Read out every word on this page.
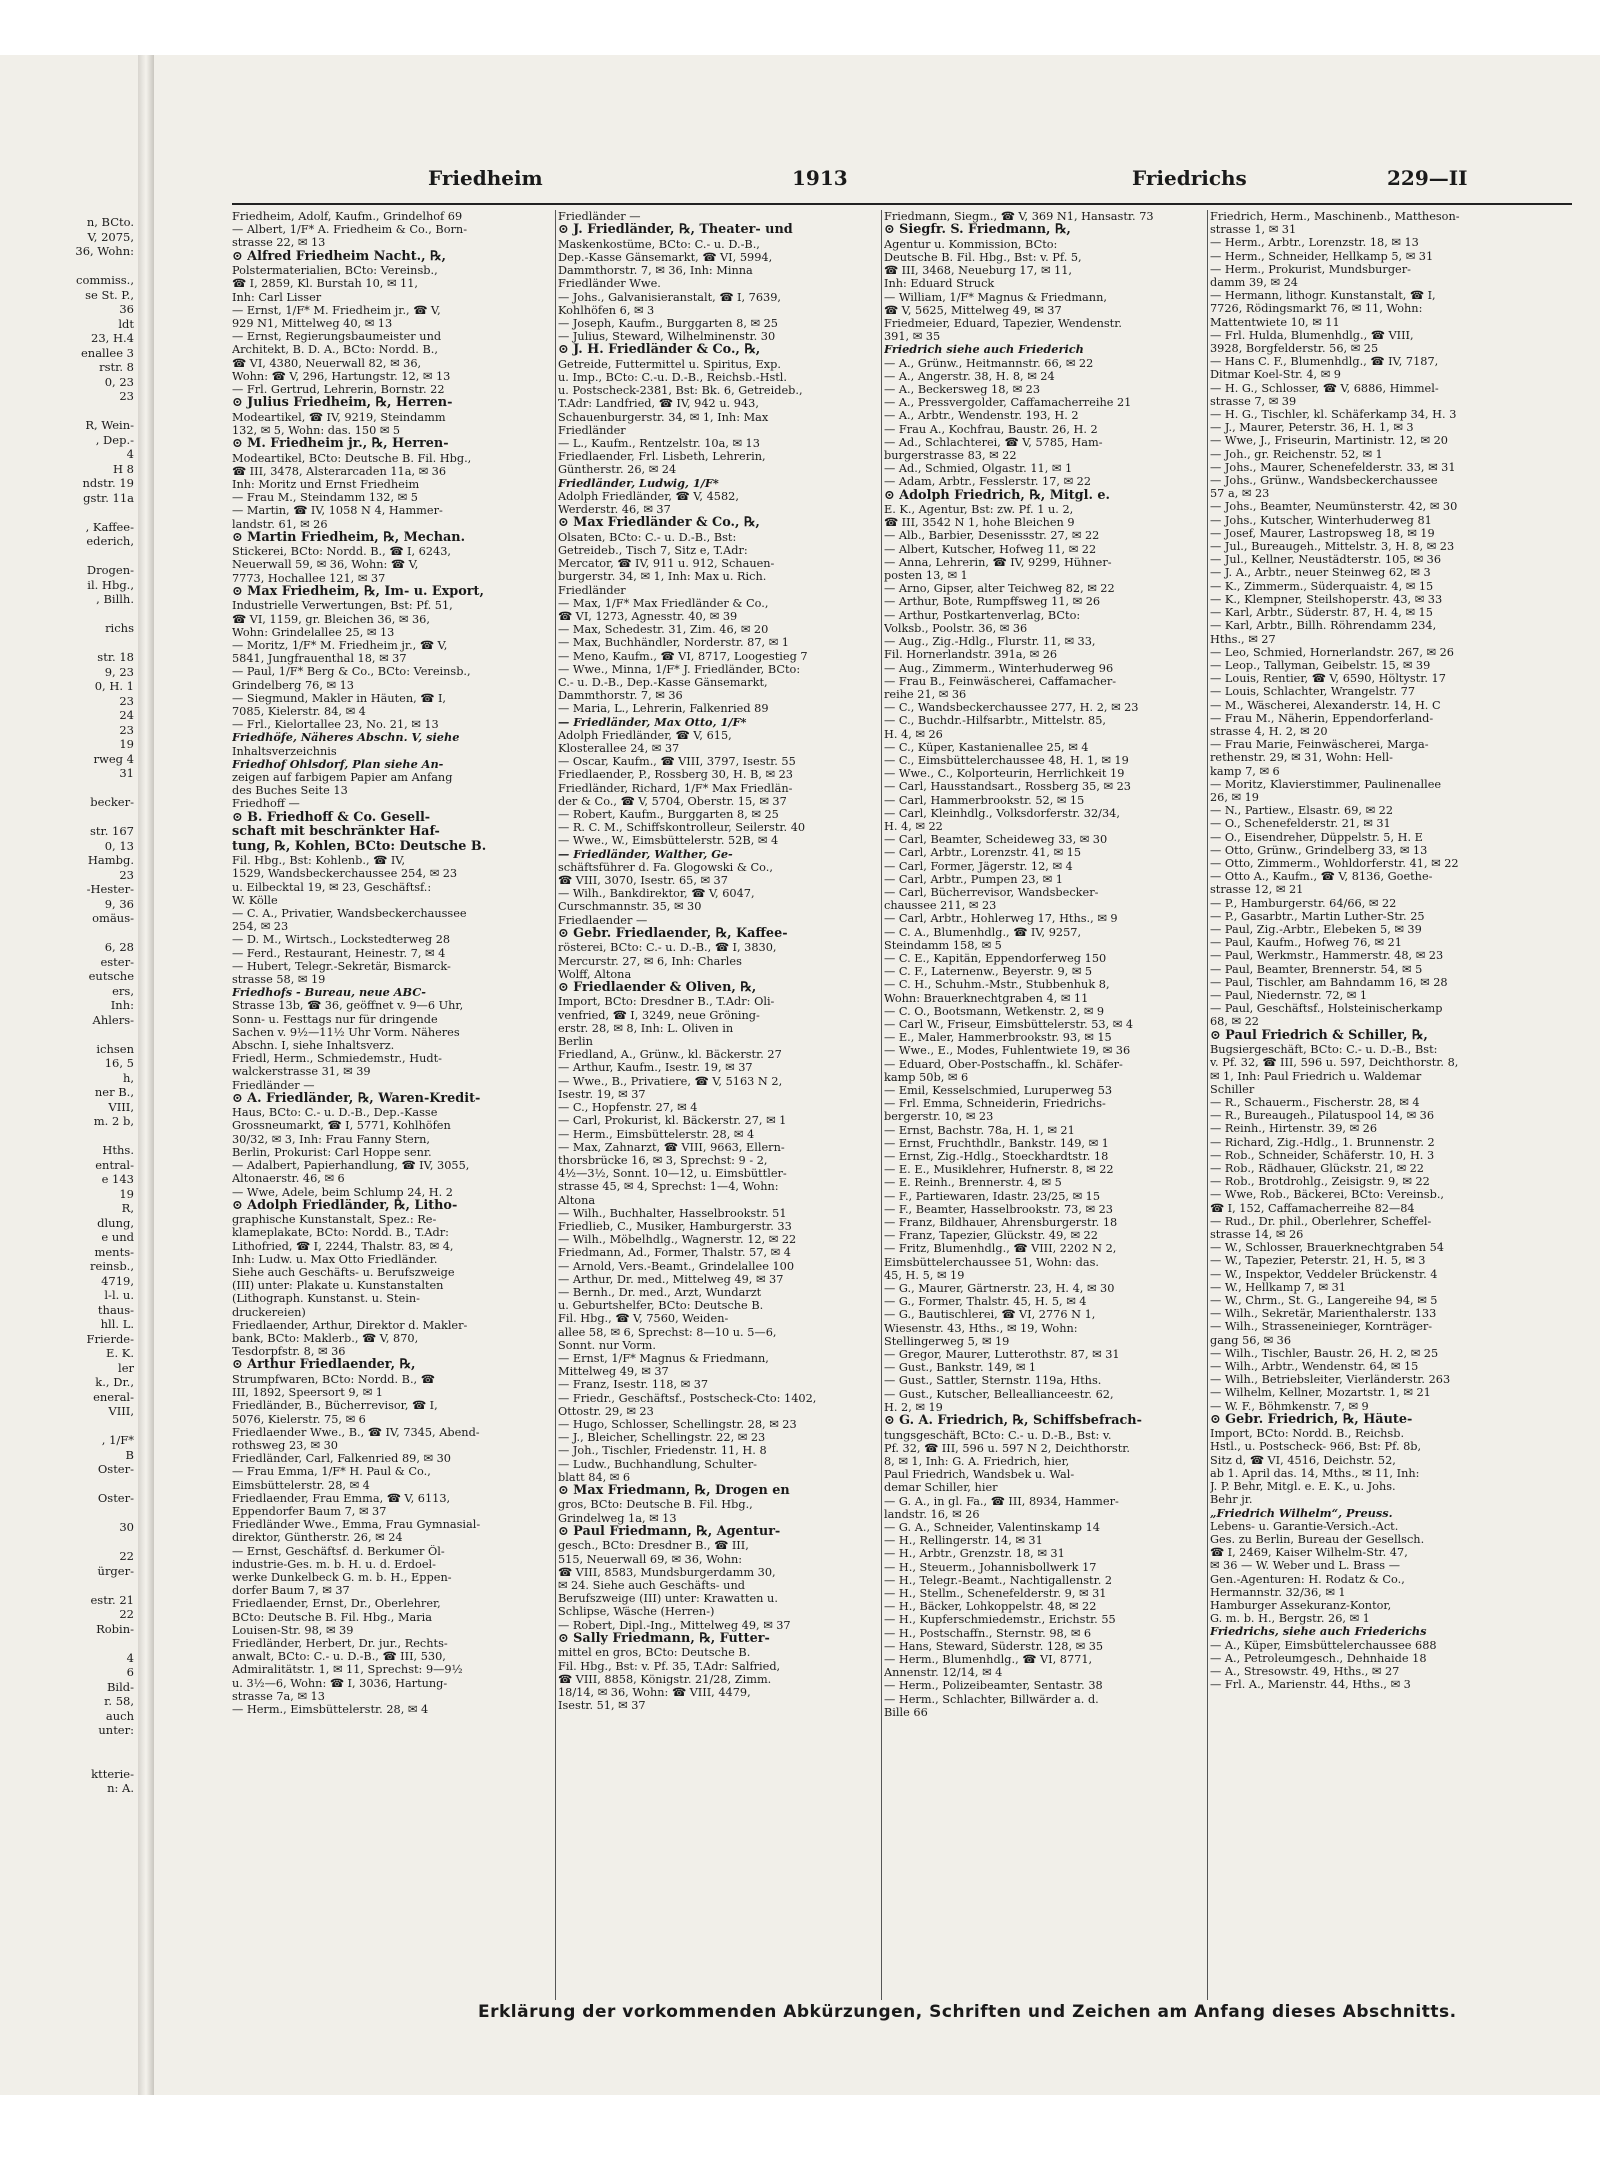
n, BCto.
V, 2075,
36, Wohn:

commiss.,
se St. P.,
36
ldt
23, H.4
enallee 3
rstr. 8
0, 23
23

R, Wein-
, Dep.-
4
H 8
ndstr. 19
gstr. 11a

, Kaffee-
ederich,

Drogen-
il. Hbg.,
, Billh.

richs

str. 18
9, 23
0, H. 1
23
24
23
19
rweg 4
31

becker-

str. 167
0, 13
Hambg.
23
-Hester-
9, 36
omäus-

6, 28
ester-
eutsche
ers,
Inh:
Ahlers-

ichsen
16, 5
h,
ner B.,
VIII,
m. 2 b,

Hths.
entral-
e 143
19
R,
dlung,
e und
ments-
reinsb.,
4719,
l-l. u.
thaus-
hll. L.
Frierde-
E. K.
ler
k., Dr.,
eneral-
VIII,

, 1/F*
B
Oster-

Oster-

30

22
ürger-

estr. 21
22
Robin-

4
6
Bild-
r. 58,
auch
unter:

ktterie-
n: A.
Friedheim	1913	Friedrichs	229—II
Friedheim, Adolf, Kaufm., Grindelhof 69
— Albert, 1/F* A. Friedheim & Co., Born-
strasse 22, ✉ 13
⊙ Alfred Friedheim Nacht., ℞,
Polstermaterialien, BCto: Vereinsb.,
☎ I, 2859, Kl. Burstah 10, ✉ 11,
Inh: Carl Lisser
— Ernst, 1/F* M. Friedheim jr., ☎ V,
929 N1, Mittelweg 40, ✉ 13
— Ernst, Regierungsbaumeister und
Architekt, B. D. A., BCto: Nordd. B.,
☎ VI, 4380, Neuerwall 82, ✉ 36,
Wohn: ☎ V, 296, Hartungstr. 12, ✉ 13
— Frl. Gertrud, Lehrerin, Bornstr. 22
⊙ Julius Friedheim, ℞, Herren-
Modeartikel, ☎ IV, 9219, Steindamm
132, ✉ 5, Wohn: das. 150 ✉ 5
⊙ M. Friedheim jr., ℞, Herren-
Modeartikel, BCto: Deutsche B. Fil. Hbg.,
☎ III, 3478, Alsterarcaden 11a, ✉ 36
Inh: Moritz und Ernst Friedheim
— Frau M., Steindamm 132, ✉ 5
— Martin, ☎ IV, 1058 N 4, Hammer-
landstr. 61, ✉ 26
⊙ Martin Friedheim, ℞, Mechan.
Stickerei, BCto: Nordd. B., ☎ I, 6243,
Neuerwall 59, ✉ 36, Wohn: ☎ V,
7773, Hochallee 121, ✉ 37
⊙ Max Friedheim, ℞, Im- u. Export,
Industrielle Verwertungen, Bst: Pf. 51,
☎ VI, 1159, gr. Bleichen 36, ✉ 36,
Wohn: Grindelallee 25, ✉ 13
— Moritz, 1/F* M. Friedheim jr., ☎ V,
5841, Jungfrauenthal 18, ✉ 37
— Paul, 1/F* Berg & Co., BCto: Vereinsb.,
Grindelberg 76, ✉ 13
— Siegmund, Makler in Häuten, ☎ I,
7085, Kielerstr. 84, ✉ 4
— Frl., Kielortallee 23, No. 21, ✉ 13
Friedhöfe, Näheres Abschn. V, siehe
Inhaltsverzeichnis
Friedhof Ohlsdorf, Plan siehe An-
zeigen auf farbigem Papier am Anfang
des Buches Seite 13
Friedhoff —
⊙ B. Friedhoff & Co. Gesell-
schaft mit beschränkter Haf-
tung, ℞, Kohlen, BCto: Deutsche B.
Fil. Hbg., Bst: Kohlenb., ☎ IV,
1529, Wandsbeckerchaussee 254, ✉ 23
u. Eilbecktal 19, ✉ 23, Geschäftsf.:
W. Kölle
— C. A., Privatier, Wandsbeckerchaussee
254, ✉ 23
— D. M., Wirtsch., Lockstedterweg 28
— Ferd., Restaurant, Heinestr. 7, ✉ 4
— Hubert, Telegr.-Sekretär, Bismarck-
strasse 58, ✉ 19
Friedhofs - Bureau, neue ABC-
Strasse 13b, ☎ 36, geöffnet v. 9—6 Uhr,
Sonn- u. Festtags nur für dringende
Sachen v. 9½—11½ Uhr Vorm. Näheres
Abschn. I, siehe Inhaltsverz.
Friedl, Herm., Schmiedemstr., Hudt-
walckerstrasse 31, ✉ 39
Friedländer —
⊙ A. Friedländer, ℞, Waren-Kredit-
Haus, BCto: C.- u. D.-B., Dep.-Kasse
Grossneumarkt, ☎ I, 5771, Kohlhöfen
30/32, ✉ 3, Inh: Frau Fanny Stern,
Berlin, Prokurist: Carl Hoppe senr.
— Adalbert, Papierhandlung, ☎ IV, 3055,
Altonaerstr. 46, ✉ 6
— Wwe, Adele, beim Schlump 24, H. 2
⊙ Adolph Friedländer, ℞, Litho-
graphische Kunstanstalt, Spez.: Re-
klameplakate, BCto: Nordd. B., T.Adr:
Lithofried, ☎ I, 2244, Thalstr. 83, ✉ 4,
Inh: Ludw. u. Max Otto Friedländer.
Siehe auch Geschäfts- u. Berufszweige
(III) unter: Plakate u. Kunstanstalten
(Lithograph. Kunstanst. u. Stein-
druckereien)
Friedlaender, Arthur, Direktor d. Makler-
bank, BCto: Maklerb., ☎ V, 870,
Tesdorpfstr. 8, ✉ 36
⊙ Arthur Friedlaender, ℞,
Strumpfwaren, BCto: Nordd. B., ☎
III, 1892, Speersort 9, ✉ 1
Friedländer, B., Bücherrevisor, ☎ I,
5076, Kielerstr. 75, ✉ 6
Friedlaender Wwe., B., ☎ IV, 7345, Abend-
rothsweg 23, ✉ 30
Friedländer, Carl, Falkenried 89, ✉ 30
— Frau Emma, 1/F* H. Paul & Co.,
Eimsbüttelerstr. 28, ✉ 4
Friedlaender, Frau Emma, ☎ V, 6113,
Eppendorfer Baum 7, ✉ 37
Friedländer Wwe., Emma, Frau Gymnasial-
direktor, Güntherstr. 26, ✉ 24
— Ernst, Geschäftsf. d. Berkumer Öl-
industrie-Ges. m. b. H. u. d. Erdoel-
werke Dunkelbeck G. m. b. H., Eppen-
dorfer Baum 7, ✉ 37
Friedlaender, Ernst, Dr., Oberlehrer,
BCto: Deutsche B. Fil. Hbg., Maria
Louisen-Str. 98, ✉ 39
Friedländer, Herbert, Dr. jur., Rechts-
anwalt, BCto: C.- u. D.-B., ☎ III, 530,
Admiralitätstr. 1, ✉ 11, Sprechst: 9—9½
u. 3½—6, Wohn: ☎ I, 3036, Hartung-
strasse 7a, ✉ 13
— Herm., Eimsbüttelerstr. 28, ✉ 4
Friedländer —
⊙ J. Friedländer, ℞, Theater- und
Maskenkostüme, BCto: C.- u. D.-B.,
Dep.-Kasse Gänsemarkt, ☎ VI, 5994,
Dammthorstr. 7, ✉ 36, Inh: Minna
Friedländer Wwe.
— Johs., Galvanisieranstalt, ☎ I, 7639,
Kohlhöfen 6, ✉ 3
— Joseph, Kaufm., Burggarten 8, ✉ 25
— Julius, Steward, Wilhelminenstr. 30
⊙ J. H. Friedländer & Co., ℞,
Getreide, Futtermittel u. Spiritus, Exp.
u. Imp., BCto: C.-u. D.-B., Reichsb.-Hstl.
u. Postscheck-2381, Bst: Bk. 6, Getreideb.,
T.Adr: Landfried, ☎ IV, 942 u. 943,
Schauenburgerstr. 34, ✉ 1, Inh: Max
Friedländer
— L., Kaufm., Rentzelstr. 10a, ✉ 13
Friedlaender, Frl. Lisbeth, Lehrerin,
Güntherstr. 26, ✉ 24
Friedländer, Ludwig, 1/F*
Adolph Friedländer, ☎ V, 4582,
Werderstr. 46, ✉ 37
⊙ Max Friedländer & Co., ℞,
Olsaten, BCto: C.- u. D.-B., Bst:
Getreideb., Tisch 7, Sitz e, T.Adr:
Mercator, ☎ IV, 911 u. 912, Schauen-
burgerstr. 34, ✉ 1, Inh: Max u. Rich.
Friedländer
— Max, 1/F* Max Friedländer & Co.,
☎ VI, 1273, Agnesstr. 40, ✉ 39
— Max, Schedestr. 31, Zim. 46, ✉ 20
— Max, Buchhändler, Norderstr. 87, ✉ 1
— Meno, Kaufm., ☎ VI, 8717, Loogestieg 7
— Wwe., Minna, 1/F* J. Friedländer, BCto:
C.- u. D.-B., Dep.-Kasse Gänsemarkt,
Dammthorstr. 7, ✉ 36
— Maria, L., Lehrerin, Falkenried 89
— Friedländer, Max Otto, 1/F*
Adolph Friedländer, ☎ V, 615,
Klosterallee 24, ✉ 37
— Oscar, Kaufm., ☎ VIII, 3797, Isestr. 55
Friedlaender, P., Rossberg 30, H. B, ✉ 23
Friedländer, Richard, 1/F* Max Friedlän-
der & Co., ☎ V, 5704, Oberstr. 15, ✉ 37
— Robert, Kaufm., Burggarten 8, ✉ 25
— R. C. M., Schiffskontrolleur, Seilerstr. 40
— Wwe., W., Eimsbüttelerstr. 52B, ✉ 4
— Friedländer, Walther, Ge-
schäftsführer d. Fa. Glogowski & Co.,
☎ VIII, 3070, Isestr. 65, ✉ 37
— Wilh., Bankdirektor, ☎ V, 6047,
Curschmannstr. 35, ✉ 30
Friedlaender —
⊙ Gebr. Friedlaender, ℞, Kaffee-
rösterei, BCto: C.- u. D.-B., ☎ I, 3830,
Mercurstr. 27, ✉ 6, Inh: Charles
Wolff, Altona
⊙ Friedlaender & Oliven, ℞,
Import, BCto: Dresdner B., T.Adr: Oli-
venfried, ☎ I, 3249, neue Gröning-
erstr. 28, ✉ 8, Inh: L. Oliven in
Berlin
Friedland, A., Grünw., kl. Bäckerstr. 27
— Arthur, Kaufm., Isestr. 19, ✉ 37
— Wwe., B., Privatiere, ☎ V, 5163 N 2,
Isestr. 19, ✉ 37
— C., Hopfenstr. 27, ✉ 4
— Carl, Prokurist, kl. Bäckerstr. 27, ✉ 1
— Herm., Eimsbüttelerstr. 28, ✉ 4
— Max, Zahnarzt, ☎ VIII, 9663, Ellern-
thorsbrücke 16, ✉ 3, Sprechst: 9 - 2,
4½—3½, Sonnt. 10—12, u. Eimsbüttler-
strasse 45, ✉ 4, Sprechst: 1—4, Wohn:
Altona
— Wilh., Buchhalter, Hasselbrookstr. 51
Friedlieb, C., Musiker, Hamburgerstr. 33
— Wilh., Möbelhdlg., Wagnerstr. 12, ✉ 22
Friedmann, Ad., Former, Thalstr. 57, ✉ 4
— Arnold, Vers.-Beamt., Grindelallee 100
— Arthur, Dr. med., Mittelweg 49, ✉ 37
— Bernh., Dr. med., Arzt, Wundarzt
u. Geburtshelfer, BCto: Deutsche B.
Fil. Hbg., ☎ V, 7560, Weiden-
allee 58, ✉ 6, Sprechst: 8—10 u. 5—6,
Sonnt. nur Vorm.
— Ernst, 1/F* Magnus & Friedmann,
Mittelweg 49, ✉ 37
— Franz, Isestr. 118, ✉ 37
— Friedr., Geschäftsf., Postscheck-Cto: 1402,
Ottostr. 29, ✉ 23
— Hugo, Schlosser, Schellingstr. 28, ✉ 23
— J., Bleicher, Schellingstr. 22, ✉ 23
— Joh., Tischler, Friedenstr. 11, H. 8
— Ludw., Buchhandlung, Schulter-
blatt 84, ✉ 6
⊙ Max Friedmann, ℞, Drogen en
gros, BCto: Deutsche B. Fil. Hbg.,
Grindelweg 1a, ✉ 13
⊙ Paul Friedmann, ℞, Agentur-
gesch., BCto: Dresdner B., ☎ III,
515, Neuerwall 69, ✉ 36, Wohn:
☎ VIII, 8583, Mundsburgerdamm 30,
✉ 24. Siehe auch Geschäfts- und
Berufszweige (III) unter: Krawatten u.
Schlipse, Wäsche (Herren-)
— Robert, Dipl.-Ing., Mittelweg 49, ✉ 37
⊙ Sally Friedmann, ℞, Futter-
mittel en gros, BCto: Deutsche B.
Fil. Hbg., Bst: v. Pf. 35, T.Adr: Salfried,
☎ VIII, 8858, Königstr. 21/28, Zimm.
18/14, ✉ 36, Wohn: ☎ VIII, 4479,
Isestr. 51, ✉ 37
Friedmann, Siegm., ☎ V, 369 N1, Hansastr. 73
⊙ Siegfr. S. Friedmann, ℞,
Agentur u. Kommission, BCto:
Deutsche B. Fil. Hbg., Bst: v. Pf. 5,
☎ III, 3468, Neueburg 17, ✉ 11,
Inh: Eduard Struck
— William, 1/F* Magnus & Friedmann,
☎ V, 5625, Mittelweg 49, ✉ 37
Friedmeier, Eduard, Tapezier, Wendenstr.
391, ✉ 35
Friedrich siehe auch Friederich
— A., Grünw., Heitmannstr. 66, ✉ 22
— A., Angerstr. 38, H. 8, ✉ 24
— A., Beckersweg 18, ✉ 23
— A., Pressvergolder, Caffamacherreihe 21
— A., Arbtr., Wendenstr. 193, H. 2
— Frau A., Kochfrau, Baustr. 26, H. 2
— Ad., Schlachterei, ☎ V, 5785, Ham-
burgerstrasse 83, ✉ 22
— Ad., Schmied, Olgastr. 11, ✉ 1
— Adam, Arbtr., Fesslerstr. 17, ✉ 22
⊙ Adolph Friedrich, ℞, Mitgl. e.
E. K., Agentur, Bst: zw. Pf. 1 u. 2,
☎ III, 3542 N 1, hohe Bleichen 9
— Alb., Barbier, Desenissstr. 27, ✉ 22
— Albert, Kutscher, Hofweg 11, ✉ 22
— Anna, Lehrerin, ☎ IV, 9299, Hühner-
posten 13, ✉ 1
— Arno, Gipser, alter Teichweg 82, ✉ 22
— Arthur, Bote, Rumpffsweg 11, ✉ 26
— Arthur, Postkartenverlag, BCto:
Volksb., Poolstr. 36, ✉ 36
— Aug., Zig.-Hdlg., Flurstr. 11, ✉ 33,
Fil. Hornerlandstr. 391a, ✉ 26
— Aug., Zimmerm., Winterhuderweg 96
— Frau B., Feinwäscherei, Caffamacher-
reihe 21, ✉ 36
— C., Wandsbeckerchaussee 277, H. 2, ✉ 23
— C., Buchdr.-Hilfsarbtr., Mittelstr. 85,
H. 4, ✉ 26
— C., Küper, Kastanienallee 25, ✉ 4
— C., Eimsbüttelerchaussee 48, H. 1, ✉ 19
— Wwe., C., Kolporteurin, Herrlichkeit 19
— Carl, Hausstandsart., Rossberg 35, ✉ 23
— Carl, Hammerbrookstr. 52, ✉ 15
— Carl, Kleinhdlg., Volksdorferstr. 32/34,
H. 4, ✉ 22
— Carl, Beamter, Scheideweg 33, ✉ 30
— Carl, Arbtr., Lorenzstr. 41, ✉ 15
— Carl, Former, Jägerstr. 12, ✉ 4
— Carl, Arbtr., Pumpen 23, ✉ 1
— Carl, Bücherrevisor, Wandsbecker-
chaussee 211, ✉ 23
— Carl, Arbtr., Hohlerweg 17, Hths., ✉ 9
— C. A., Blumenhdlg., ☎ IV, 9257,
Steindamm 158, ✉ 5
— C. E., Kapitän, Eppendorferweg 150
— C. F., Laternenw., Beyerstr. 9, ✉ 5
— C. H., Schuhm.-Mstr., Stubbenhuk 8,
Wohn: Brauerknechtgraben 4, ✉ 11
— C. O., Bootsmann, Wetkenstr. 2, ✉ 9
— Carl W., Friseur, Eimsbüttelerstr. 53, ✉ 4
— E., Maler, Hammerbrookstr. 93, ✉ 15
— Wwe., E., Modes, Fuhlentwiete 19, ✉ 36
— Eduard, Ober-Postschaffn., kl. Schäfer-
kamp 50b, ✉ 6
— Emil, Kesselschmied, Luruperweg 53
— Frl. Emma, Schneiderin, Friedrichs-
bergerstr. 10, ✉ 23
— Ernst, Bachstr. 78a, H. 1, ✉ 21
— Ernst, Fruchthdlr., Bankstr. 149, ✉ 1
— Ernst, Zig.-Hdlg., Stoeckhardtstr. 18
— E. E., Musiklehrer, Hufnerstr. 8, ✉ 22
— E. Reinh., Brennerstr. 4, ✉ 5
— F., Partiewaren, Idastr. 23/25, ✉ 15
— F., Beamter, Hasselbrookstr. 73, ✉ 23
— Franz, Bildhauer, Ahrensburgerstr. 18
— Franz, Tapezier, Glückstr. 49, ✉ 22
— Fritz, Blumenhdlg., ☎ VIII, 2202 N 2,
Eimsbüttelerchaussee 51, Wohn: das.
45, H. 5, ✉ 19
— G., Maurer, Gärtnerstr. 23, H. 4, ✉ 30
— G., Former, Thalstr. 45, H. 5, ✉ 4
— G., Bautischlerei, ☎ VI, 2776 N 1,
Wiesenstr. 43, Hths., ✉ 19, Wohn:
Stellingerweg 5, ✉ 19
— Gregor, Maurer, Lutterothstr. 87, ✉ 31
— Gust., Bankstr. 149, ✉ 1
— Gust., Sattler, Sternstr. 119a, Hths.
— Gust., Kutscher, Belleallianceestr. 62,
H. 2, ✉ 19
⊙ G. A. Friedrich, ℞, Schiffsbefrach-
tungsgeschäft, BCto: C.- u. D.-B., Bst: v.
Pf. 32, ☎ III, 596 u. 597 N 2, Deichthorstr.
8, ✉ 1, Inh: G. A. Friedrich, hier,
Paul Friedrich, Wandsbek u. Wal-
demar Schiller, hier
— G. A., in gl. Fa., ☎ III, 8934, Hammer-
landstr. 16, ✉ 26
— G. A., Schneider, Valentinskamp 14
— H., Rellingerstr. 14, ✉ 31
— H., Arbtr., Grenzstr. 18, ✉ 31
— H., Steuerm., Johannisbollwerk 17
— H., Telegr.-Beamt., Nachtigallenstr. 2
— H., Stellm., Schenefelderstr. 9, ✉ 31
— H., Bäcker, Lohkoppelstr. 48, ✉ 22
— H., Kupferschmiedemstr., Erichstr. 55
— H., Postschaffn., Sternstr. 98, ✉ 6
— Hans, Steward, Süderstr. 128, ✉ 35
— Herm., Blumenhdlg., ☎ VI, 8771,
Annenstr. 12/14, ✉ 4
— Herm., Polizeibeamter, Sentastr. 38
— Herm., Schlachter, Billwärder a. d.
Bille 66
Friedrich, Herm., Maschinenb., Mattheson-
strasse 1, ✉ 31
— Herm., Arbtr., Lorenzstr. 18, ✉ 13
— Herm., Schneider, Hellkamp 5, ✉ 31
— Herm., Prokurist, Mundsburger-
damm 39, ✉ 24
— Hermann, lithogr. Kunstanstalt, ☎ I,
7726, Rödingsmarkt 76, ✉ 11, Wohn:
Mattentwiete 10, ✉ 11
— Frl. Hulda, Blumenhdlg., ☎ VIII,
3928, Borgfelderstr. 56, ✉ 25
— Hans C. F., Blumenhdlg., ☎ IV, 7187,
Ditmar Koel-Str. 4, ✉ 9
— H. G., Schlosser, ☎ V, 6886, Himmel-
strasse 7, ✉ 39
— H. G., Tischler, kl. Schäferkamp 34, H. 3
— J., Maurer, Peterstr. 36, H. 1, ✉ 3
— Wwe, J., Friseurin, Martinistr. 12, ✉ 20
— Joh., gr. Reichenstr. 52, ✉ 1
— Johs., Maurer, Schenefelderstr. 33, ✉ 31
— Johs., Grünw., Wandsbeckerchaussee
57 a, ✉ 23
— Johs., Beamter, Neumünsterstr. 42, ✉ 30
— Johs., Kutscher, Winterhuderweg 81
— Josef, Maurer, Lastropsweg 18, ✉ 19
— Jul., Bureaugeh., Mittelstr. 3, H. 8, ✉ 23
— Jul., Kellner, Neustädterstr. 105, ✉ 36
— J. A., Arbtr., neuer Steinweg 62, ✉ 3
— K., Zimmerm., Süderquaistr. 4, ✉ 15
— K., Klempner, Steilshoperstr. 43, ✉ 33
— Karl, Arbtr., Süderstr. 87, H. 4, ✉ 15
— Karl, Arbtr., Billh. Röhrendamm 234,
Hths., ✉ 27
— Leo, Schmied, Hornerlandstr. 267, ✉ 26
— Leop., Tallyman, Geibelstr. 15, ✉ 39
— Louis, Rentier, ☎ V, 6590, Höltystr. 17
— Louis, Schlachter, Wrangelstr. 77
— M., Wäscherei, Alexanderstr. 14, H. C
— Frau M., Näherin, Eppendorferland-
strasse 4, H. 2, ✉ 20
— Frau Marie, Feinwäscherei, Marga-
rethenstr. 29, ✉ 31, Wohn: Hell-
kamp 7, ✉ 6
— Moritz, Klavierstimmer, Paulinenallee
26, ✉ 19
— N., Partiew., Elsastr. 69, ✉ 22
— O., Schenefelderstr. 21, ✉ 31
— O., Eisendreher, Düppelstr. 5, H. E
— Otto, Grünw., Grindelberg 33, ✉ 13
— Otto, Zimmerm., Wohldorferstr. 41, ✉ 22
— Otto A., Kaufm., ☎ V, 8136, Goethe-
strasse 12, ✉ 21
— P., Hamburgerstr. 64/66, ✉ 22
— P., Gasarbtr., Martin Luther-Str. 25
— Paul, Zig.-Arbtr., Elebeken 5, ✉ 39
— Paul, Kaufm., Hofweg 76, ✉ 21
— Paul, Werkmstr., Hammerstr. 48, ✉ 23
— Paul, Beamter, Brennerstr. 54, ✉ 5
— Paul, Tischler, am Bahndamm 16, ✉ 28
— Paul, Niedernstr. 72, ✉ 1
— Paul, Geschäftsf., Holsteinischerkamp
68, ✉ 22
⊙ Paul Friedrich & Schiller, ℞,
Bugsiergeschäft, BCto: C.- u. D.-B., Bst:
v. Pf. 32, ☎ III, 596 u. 597, Deichthorstr. 8,
✉ 1, Inh: Paul Friedrich u. Waldemar
Schiller
— R., Schauerm., Fischerstr. 28, ✉ 4
— R., Bureaugeh., Pilatuspool 14, ✉ 36
— Reinh., Hirtenstr. 39, ✉ 26
— Richard, Zig.-Hdlg., 1. Brunnenstr. 2
— Rob., Schneider, Schäferstr. 10, H. 3
— Rob., Rädhauer, Glückstr. 21, ✉ 22
— Rob., Brotdrohlg., Zeisigstr. 9, ✉ 22
— Wwe, Rob., Bäckerei, BCto: Vereinsb.,
☎ I, 152, Caffamacherreihe 82—84
— Rud., Dr. phil., Oberlehrer, Scheffel-
strasse 14, ✉ 26
— W., Schlosser, Brauerknechtgraben 54
— W., Tapezier, Peterstr. 21, H. 5, ✉ 3
— W., Inspektor, Veddeler Brückenstr. 4
— W., Hellkamp 7, ✉ 31
— W., Chrm., St. G., Langereihe 94, ✉ 5
— Wilh., Sekretär, Marienthalerstr. 133
— Wilh., Strasseneinieger, Kornträger-
gang 56, ✉ 36
— Wilh., Tischler, Baustr. 26, H. 2, ✉ 25
— Wilh., Arbtr., Wendenstr. 64, ✉ 15
— Wilh., Betriebsleiter, Vierländerstr. 263
— Wilhelm, Kellner, Mozartstr. 1, ✉ 21
— W. F., Böhmkenstr. 7, ✉ 9
⊙ Gebr. Friedrich, ℞, Häute-
Import, BCto: Nordd. B., Reichsb.
Hstl., u. Postscheck- 966, Bst: Pf. 8b,
Sitz d, ☎ VI, 4516, Deichstr. 52,
ab 1. April das. 14, Mths., ✉ 11, Inh:
J. P. Behr, Mitgl. e. E. K., u. Johs.
Behr jr.
„Friedrich Wilhelm“, Preuss.
Lebens- u. Garantie-Versich.-Act.
Ges. zu Berlin, Bureau der Gesellsch.
☎ I, 2469, Kaiser Wilhelm-Str. 47,
✉ 36 — W. Weber und L. Brass —
Gen.-Agenturen: H. Rodatz & Co.,
Hermannstr. 32/36, ✉ 1
Hamburger Assekuranz-Kontor,
G. m. b. H., Bergstr. 26, ✉ 1
Friedrichs, siehe auch Friederichs
— A., Küper, Eimsbüttelerchaussee 688
— A., Petroleumgesch., Dehnhaide 18
— A., Stresowstr. 49, Hths., ✉ 27
— Frl. A., Marienstr. 44, Hths., ✉ 3
Erklärung der vorkommenden Abkürzungen, Schriften und Zeichen am Anfang dieses Abschnitts.
